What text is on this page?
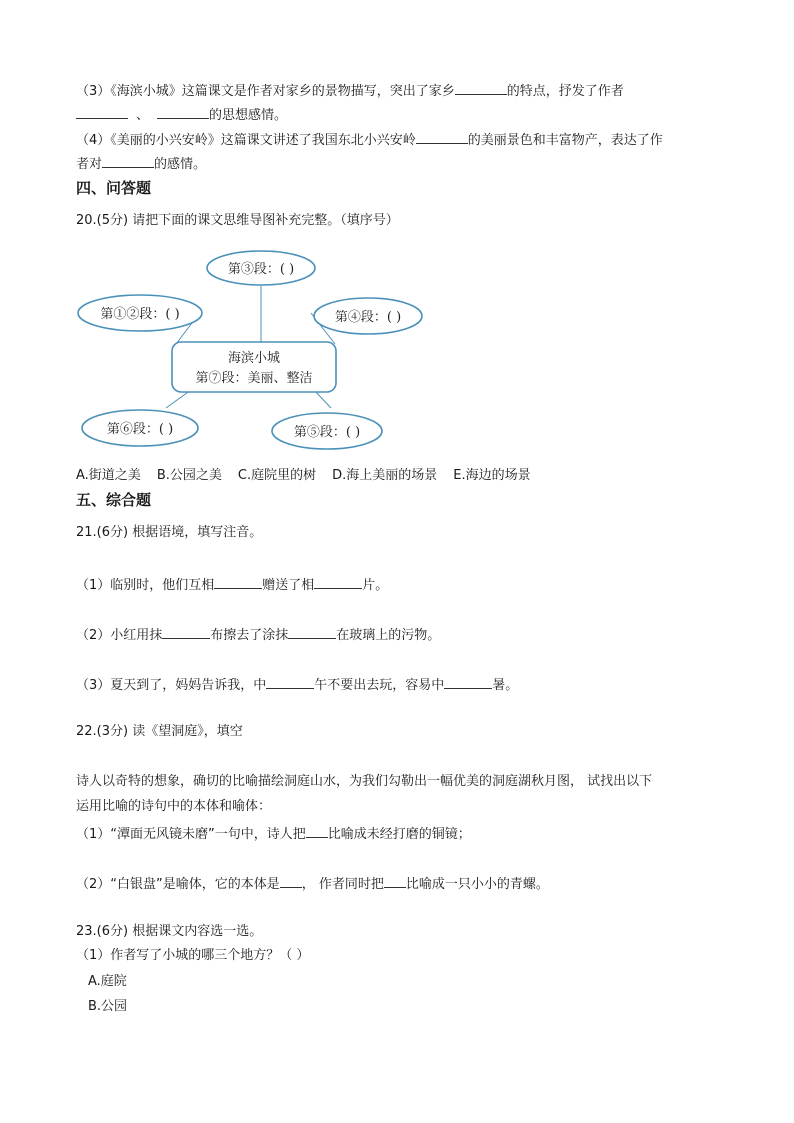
（3）《海滨小城》这篇课文是作者对家乡的景物描写，突出了家乡	的特点，抒发了作者
、	的思想感情。
（4）《美丽的小兴安岭》这篇课文讲述了我国东北小兴安岭	的美丽景色和丰富物产，表达了作
者对	的感情。
四、问答题
20.(5分) 请把下面的课文思维导图补充完整。（填序号）
第③段：( )
第①②段：( )	第④段：( )
海滨小城
第⑦段：美丽、整洁
第⑥段：( )	第⑤段：( )
A.街道之美 B.公园之美 C.庭院里的树 D.海上美丽的场景 E.海边的场景
五、综合题
21.(6分) 根据语境，填写注音。
（1）临别时，他们互相	赠送了相	片。
（2）小红用抹	布擦去了涂抹	在玻璃上的污物。
（3）夏天到了，妈妈告诉我，中	午不要出去玩，容易中	暑。
22.(3分) 读《望洞庭》，填空
诗人以奇特的想象，确切的比喻描绘洞庭山水，为我们勾勒出一幅优美的洞庭湖秋月图， 试找出以下
运用比喻的诗句中的本体和喻体：
（1）“潭面无风镜未磨”一句中，诗人把 比喻成未经打磨的铜镜；
（2）“白银盘”是喻体，它的本体是 ， 作者同时把 比喻成一只小小的青螺。
23.(6分) 根据课文内容选一选。
（1）作者写了小城的哪三个地方？（ ）
A.庭院
B.公园
